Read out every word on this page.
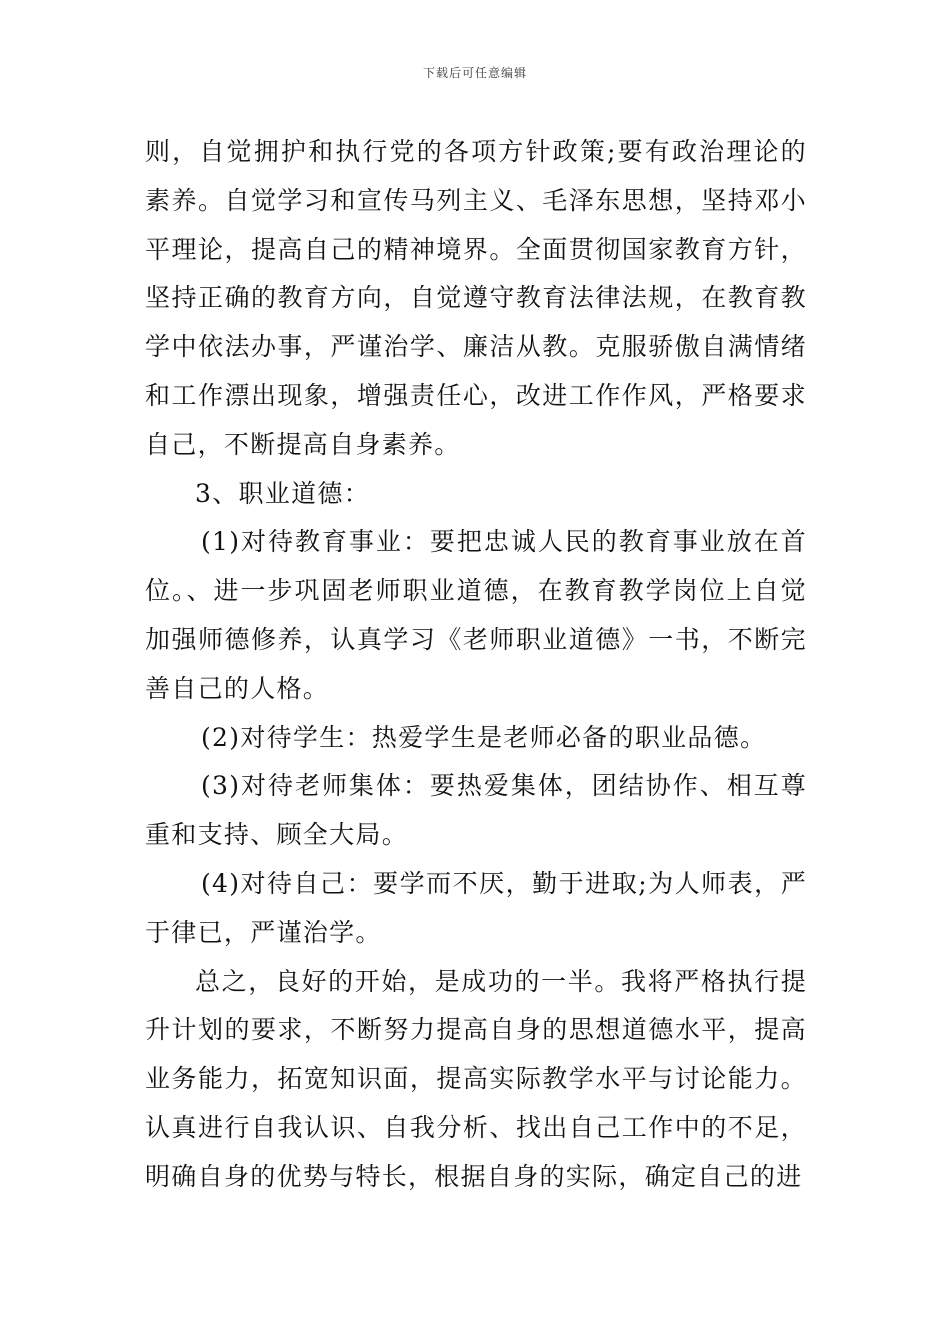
下载后可任意编辑

则，自觉拥护和执行党的各项方针政策;要有政治理论的素养。自觉学习和宣传马列主义、毛泽东思想，坚持邓小平理论，提高自己的精神境界。全面贯彻国家教育方针，坚持正确的教育方向，自觉遵守教育法律法规，在教育教学中依法办事，严谨治学、廉洁从教。克服骄傲自满情绪和工作漂出现象，增强责任心，改进工作作风，严格要求自己，不断提高自身素养。

3、职业道德：

(1)对待教育事业：要把忠诚人民的教育事业放在首位。、进一步巩固老师职业道德，在教育教学岗位上自觉加强师德修养，认真学习《老师职业道德》一书，不断完善自己的人格。

(2)对待学生：热爱学生是老师必备的职业品德。

(3)对待老师集体：要热爱集体，团结协作、相互尊重和支持、顾全大局。

(4)对待自己：要学而不厌，勤于进取;为人师表，严于律已，严谨治学。

总之，良好的开始，是成功的一半。我将严格执行提升计划的要求，不断努力提高自身的思想道德水平，提高业务能力，拓宽知识面，提高实际教学水平与讨论能力。认真进行自我认识、自我分析、找出自己工作中的不足，明确自身的优势与特长，根据自身的实际，确定自己的进
